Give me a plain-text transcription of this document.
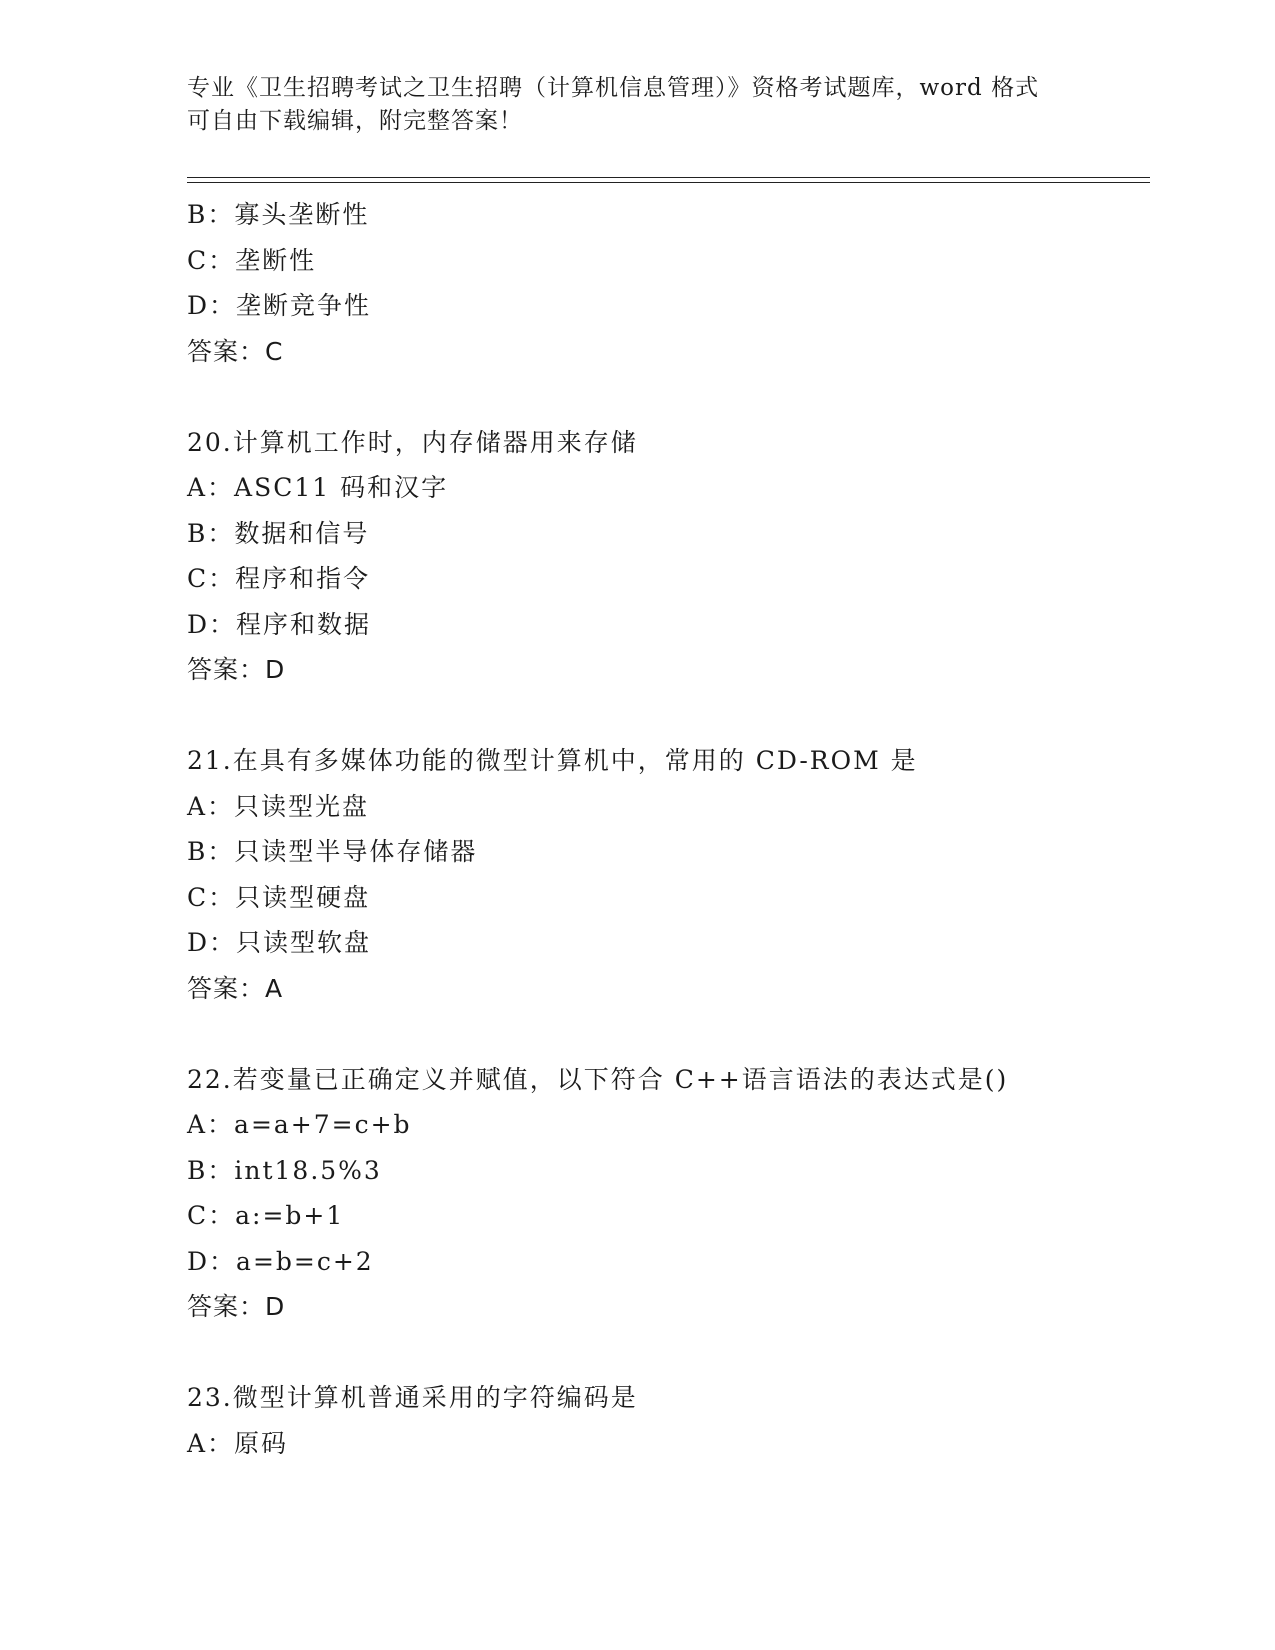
专业《卫生招聘考试之卫生招聘（计算机信息管理）》资格考试题库，word 格式
可自由下载编辑，附完整答案！
B：寡头垄断性
C：垄断性
D：垄断竞争性
答案：C
20.计算机工作时，内存储器用来存储
A：ASC11 码和汉字
B：数据和信号
C：程序和指令
D：程序和数据
答案：D
21.在具有多媒体功能的微型计算机中，常用的 CD-ROM 是
A：只读型光盘
B：只读型半导体存储器
C：只读型硬盘
D：只读型软盘
答案：A
22.若变量已正确定义并赋值，以下符合 C++语言语法的表达式是()
A：a=a+7=c+b
B：int18.5%3
C：a:=b+1
D：a=b=c+2
答案：D
23.微型计算机普通采用的字符编码是
A：原码
